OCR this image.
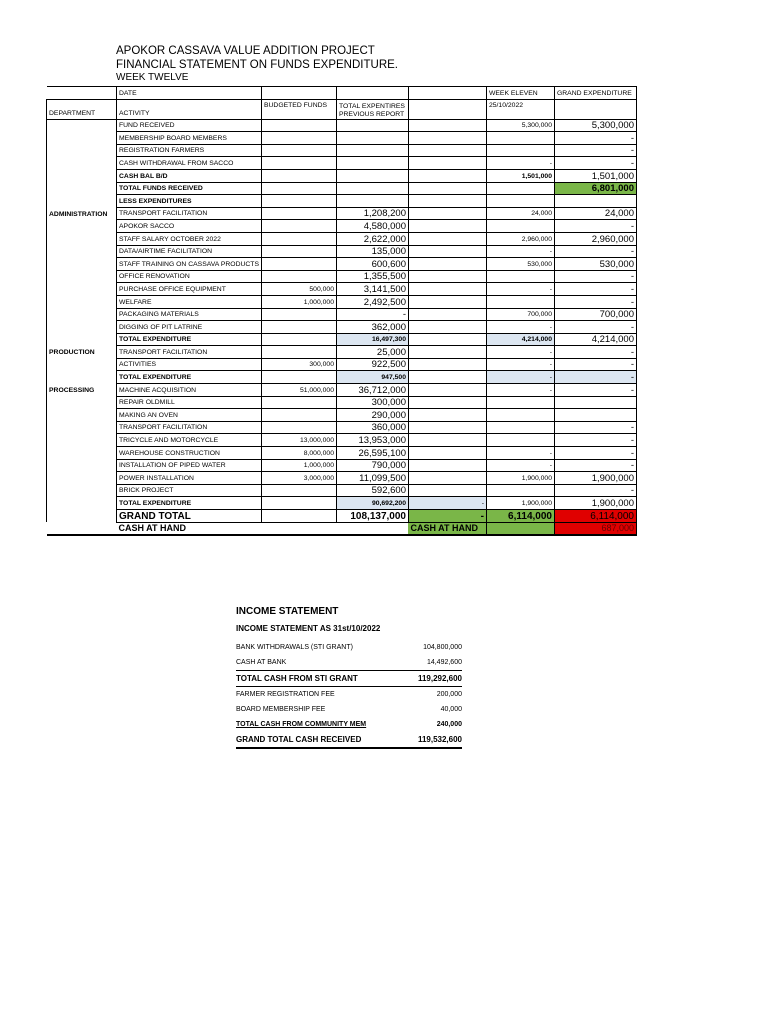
APOKOR CASSAVA VALUE ADDITION PROJECT
FINANCIAL STATEMENT ON FUNDS EXPENDITURE.
WEEK TWELVE
	DATE				WEEK ELEVEN	GRAND EXPENDITURE
DEPARTMENT	ACTIVITY	BUDGETED FUNDS	TOTAL EXPENTIRES PREVIOUS REPORT		25/10/2022	
	FUND RECEIVED				5,300,000	5,300,000
	MEMBERSHIP BOARD MEMBERS					-
	REGISTRATION FARMERS					-
	CASH WITHDRAWAL FROM SACCO				-	-
	CASH BAL B/D				1,501,000	1,501,000
	TOTAL FUNDS RECEIVED					6,801,000
	LESS EXPENDITURES					
ADMINISTRATION	TRANSPORT FACILITATION		1,208,200		24,000	24,000
	APOKOR SACCO		4,580,000			-
	STAFF SALARY OCTOBER 2022		2,622,000		2,960,000	2,960,000
	DATA/AIRTIME FACILITATION		135,000		-	-
	STAFF TRAINING ON CASSAVA PRODUCTS		600,600		530,000	530,000
	OFFICE RENOVATION		1,355,500			-
	PURCHASE OFFICE EQUIPMENT	500,000	3,141,500		-	-
	WELFARE	1,000,000	2,492,500			-
	PACKAGING MATERIALS		-		700,000	700,000
	DIGGING OF PIT LATRINE		362,000		-	-
	TOTAL EXPENDITURE		16,497,300		4,214,000	4,214,000
PRODUCTION	TRANSPORT FACILITATION		25,000		-	-
	ACTIVITIES	300,000	922,500		-	-
	TOTAL EXPENDITURE		947,500		-	-
PROCESSING	MACHINE ACQUISITION	51,000,000	36,712,000		-	-
	REPAIR OLDMILL		300,000			
	MAKING AN OVEN		290,000			
	TRANSPORT FACILITATION		360,000			-
	TRICYCLE AND MOTORCYCLE	13,000,000	13,953,000			-
	WAREHOUSE CONSTRUCTION	8,000,000	26,595,100		-	-
	INSTALLATION OF PIPED WATER	1,000,000	790,000		-	-
	POWER INSTALLATION	3,000,000	11,099,500		1,900,000	1,900,000
	BRICK PROJECT		592,600			-
	TOTAL EXPENDITURE		90,692,200	-	1,900,000	1,900,000
	GRAND TOTAL		108,137,000	-	6,114,000	6,114,000
	CASH AT HAND			CASH AT HAND		687,000
INCOME STATEMENT
INCOME STATEMENT AS 31st/10/2022
BANK WITHDRAWALS (STI GRANT)	104,800,000
CASH AT BANK	14,492,600
TOTAL CASH FROM STI GRANT	119,292,600
FARMER REGISTRATION FEE	200,000
BOARD MEMBERSHIP FEE	40,000
TOTAL CASH FROM COMMUNITY MEM	240,000
GRAND TOTAL CASH RECEIVED	119,532,600
